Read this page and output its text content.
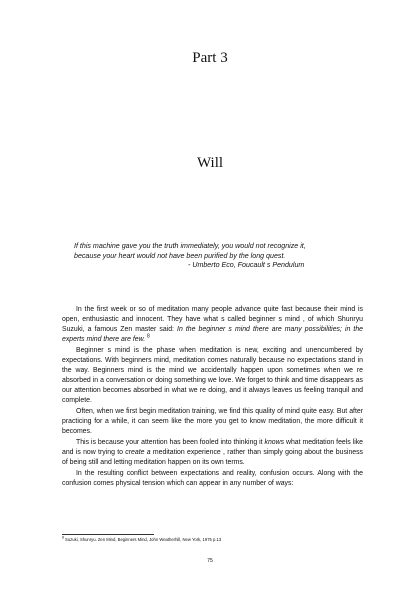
Part 3
Will
If this machine gave you the truth immediately, you would not recognize it,
because your heart would not have been purified by the long quest.
- Umberto Eco, Foucault s Pendulum

In the first week or so of meditation many people advance quite fast because their mind is open, enthusiastic and innocent. They have what s called beginner s mind , of which Shunryu Suzuki, a famous Zen master said: In the beginner s mind there are many possibilities; in the experts mind there are few. $^8$

Beginner s mind is the phase when meditation is new, exciting and unencumbered by expectations. With beginners mind, meditation comes naturally because no expectations stand in the way. Beginners mind is the mind we accidentally happen upon sometimes when we re absorbed in a conversation or doing something we love. We forget to think and time disappears as our attention becomes absorbed in what we re doing, and it always leaves us feeling tranquil and complete.

Often, when we first begin meditation training, we find this quality of mind quite easy. But after practicing for a while, it can seem like the more you get to know meditation, the more difficult it becomes.

This is because your attention has been fooled into thinking it knows what meditation feels like and is now trying to create a meditation experience , rather than simply going about the business of being still and letting meditation happen on its own terms.

In the resulting conflict between expectations and reality, confusion occurs. Along with the confusion comes physical tension which can appear in any number of ways:

$^8$ Suzuki, Shunryu. Zen Mind, Beginners Mind, John Weatherhill, New York, 1975 p.13
75
